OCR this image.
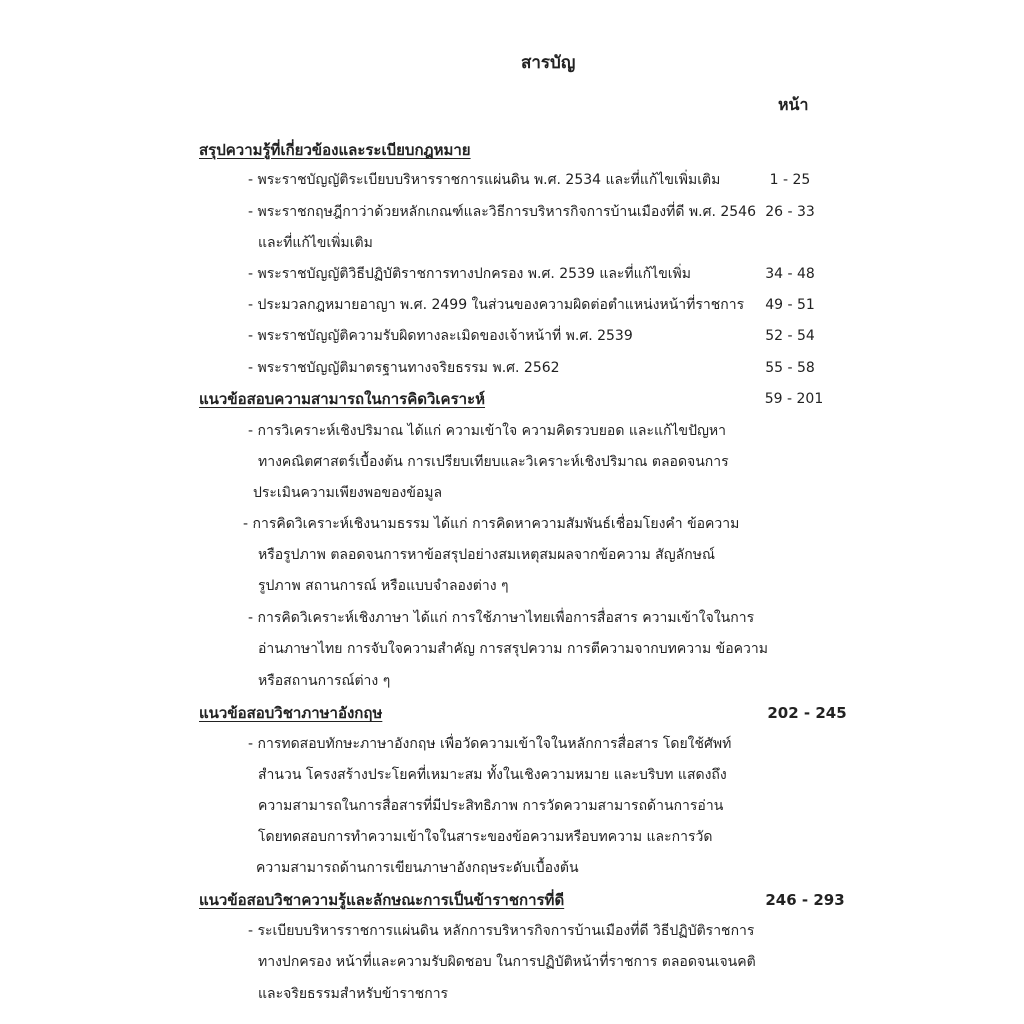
สารบัญ
หน้า
สรุปความรู้ที่เกี่ยวข้องและระเบียบกฎหมาย
- พระราชบัญญัติระเบียบบริหารราชการแผ่นดิน พ.ศ. 2534 และที่แก้ไขเพิ่มเติม	1 - 25
- พระราชกฤษฎีกาว่าด้วยหลักเกณฑ์และวิธีการบริหารกิจการบ้านเมืองที่ดี พ.ศ. 2546 26 - 33
และที่แก้ไขเพิ่มเติม
- พระราชบัญญัติวิธีปฏิบัติราชการทางปกครอง พ.ศ. 2539 และที่แก้ไขเพิ่ม	34 - 48
- ประมวลกฎหมายอาญา พ.ศ. 2499 ในส่วนของความผิดต่อตำแหน่งหน้าที่ราชการ	49 - 51
- พระราชบัญญัติความรับผิดทางละเมิดของเจ้าหน้าที่ พ.ศ. 2539	52 - 54
- พระราชบัญญัติมาตรฐานทางจริยธรรม พ.ศ. 2562	55 - 58
แนวข้อสอบความสามารถในการคิดวิเคราะห์	59 - 201
- การวิเคราะห์เชิงปริมาณ ได้แก่ ความเข้าใจ ความคิดรวบยอด และแก้ไขปัญหา
ทางคณิตศาสตร์เบื้องต้น การเปรียบเทียบและวิเคราะห์เชิงปริมาณ ตลอดจนการ
ประเมินความเพียงพอของข้อมูล
- การคิดวิเคราะห์เชิงนามธรรม ได้แก่ การคิดหาความสัมพันธ์เชื่อมโยงคำ ข้อความ
หรือรูปภาพ ตลอดจนการหาข้อสรุปอย่างสมเหตุสมผลจากข้อความ สัญลักษณ์
รูปภาพ สถานการณ์ หรือแบบจำลองต่าง ๆ
- การคิดวิเคราะห์เชิงภาษา ได้แก่ การใช้ภาษาไทยเพื่อการสื่อสาร ความเข้าใจในการ
อ่านภาษาไทย การจับใจความสำคัญ การสรุปความ การตีความจากบทความ ข้อความ
หรือสถานการณ์ต่าง ๆ
แนวข้อสอบวิชาภาษาอังกฤษ	202 - 245
- การทดสอบทักษะภาษาอังกฤษ เพื่อวัดความเข้าใจในหลักการสื่อสาร โดยใช้ศัพท์
สำนวน โครงสร้างประโยคที่เหมาะสม ทั้งในเชิงความหมาย และบริบท แสดงถึง
ความสามารถในการสื่อสารที่มีประสิทธิภาพ การวัดความสามารถด้านการอ่าน
โดยทดสอบการทำความเข้าใจในสาระของข้อความหรือบทความ และการวัด
ความสามารถด้านการเขียนภาษาอังกฤษระดับเบื้องต้น
แนวข้อสอบวิชาความรู้และลักษณะการเป็นข้าราชการที่ดี	246 - 293
- ระเบียบบริหารราชการแผ่นดิน หลักการบริหารกิจการบ้านเมืองที่ดี วิธีปฏิบัติราชการ
ทางปกครอง หน้าที่และความรับผิดชอบ ในการปฏิบัติหน้าที่ราชการ ตลอดจนเจนคติ
และจริยธรรมสำหรับข้าราชการ
